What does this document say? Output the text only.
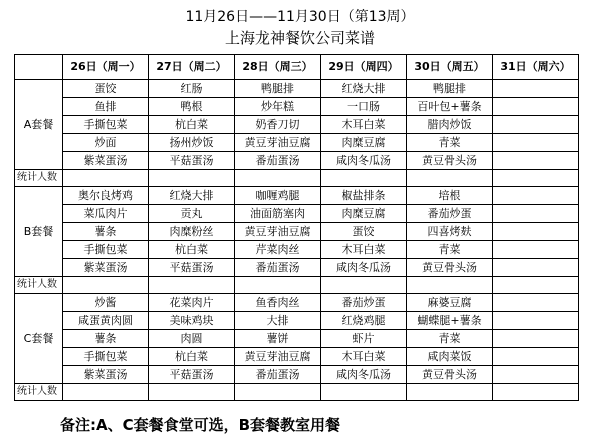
11月26日——11月30日（第13周）
上海龙神餐饮公司菜谱
	26日（周一）	27日（周二）	28日（周三）	29日（周四）	30日（周五）	31日（周六）
A套餐	蛋饺	红肠	鸭腿排	红烧大排	鸭腿排	
	鱼排	鸭根	炒年糕	一口肠	百叶包+薯条	
	手撕包菜	杭白菜	奶香刀切	木耳白菜	腊肉炒饭	
	炒面	扬州炒饭	黄豆芽油豆腐	肉糜豆腐	青菜	
	紫菜蛋汤	平菇蛋汤	番茄蛋汤	咸肉冬瓜汤	黄豆骨头汤	
统计人数						
B套餐	奥尔良烤鸡	红烧大排	咖喱鸡腿	椒盐排条	培根	
	菜瓜肉片	贡丸	油面筋塞肉	肉糜豆腐	番茄炒蛋	
	薯条	肉糜粉丝	黄豆芽油豆腐	蛋饺	四喜烤麸	
	手撕包菜	杭白菜	芹菜肉丝	木耳白菜	青菜	
	紫菜蛋汤	平菇蛋汤	番茄蛋汤	咸肉冬瓜汤	黄豆骨头汤	
统计人数						
C套餐	炒酱	花菜肉片	鱼香肉丝	番茄炒蛋	麻婆豆腐	
	咸蛋黄肉圆	美味鸡块	大排	红烧鸡腿	蝴蝶腿+薯条	
	薯条	肉圆	薯饼	虾片	青菜	
	手撕包菜	杭白菜	黄豆芽油豆腐	木耳白菜	咸肉菜饭	
	紫菜蛋汤	平菇蛋汤	番茄蛋汤	咸肉冬瓜汤	黄豆骨头汤	
统计人数						
备注:A、C套餐食堂可选，B套餐教室用餐
